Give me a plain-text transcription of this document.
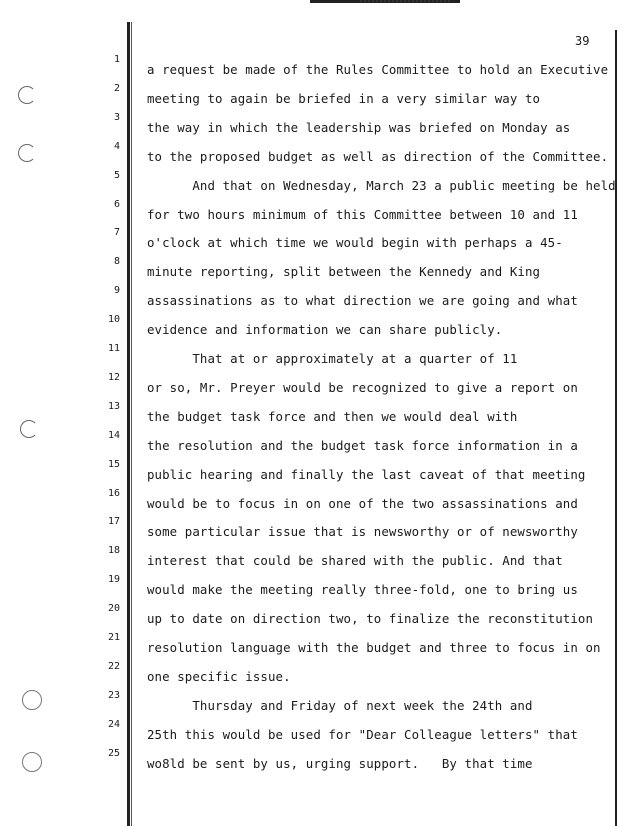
39
1
2
3
4
5
6
7
8
9
10
11
12
13
14
15
16
17
18
19
20
21
22
23
24
25
a request be made of the Rules Committee to hold an Executive
meeting to again be briefed in a very similar way to
the way in which the leadership was briefed on Monday as
to the proposed budget as well as direction of the Committee.
And that on Wednesday, March 23 a public meeting be held
for two hours minimum of this Committee between 10 and 11
o'clock at which time we would begin with perhaps a 45-
minute reporting, split between the Kennedy and King
assassinations as to what direction we are going and what
evidence and information we can share publicly.
That at or approximately at a quarter of 11
or so, Mr. Preyer would be recognized to give a report on
the budget task force and then we would deal with
the resolution and the budget task force information in a
public hearing and finally the last caveat of that meeting
would be to focus in on one of the two assassinations and
some particular issue that is newsworthy or of newsworthy
interest that could be shared with the public. And that
would make the meeting really three-fold, one to bring us
up to date on direction two, to finalize the reconstitution
resolution language with the budget and three to focus in on
one specific issue.
Thursday and Friday of next week the 24th and
25th this would be used for "Dear Colleague letters" that
wo8ld be sent by us, urging support.   By that time
